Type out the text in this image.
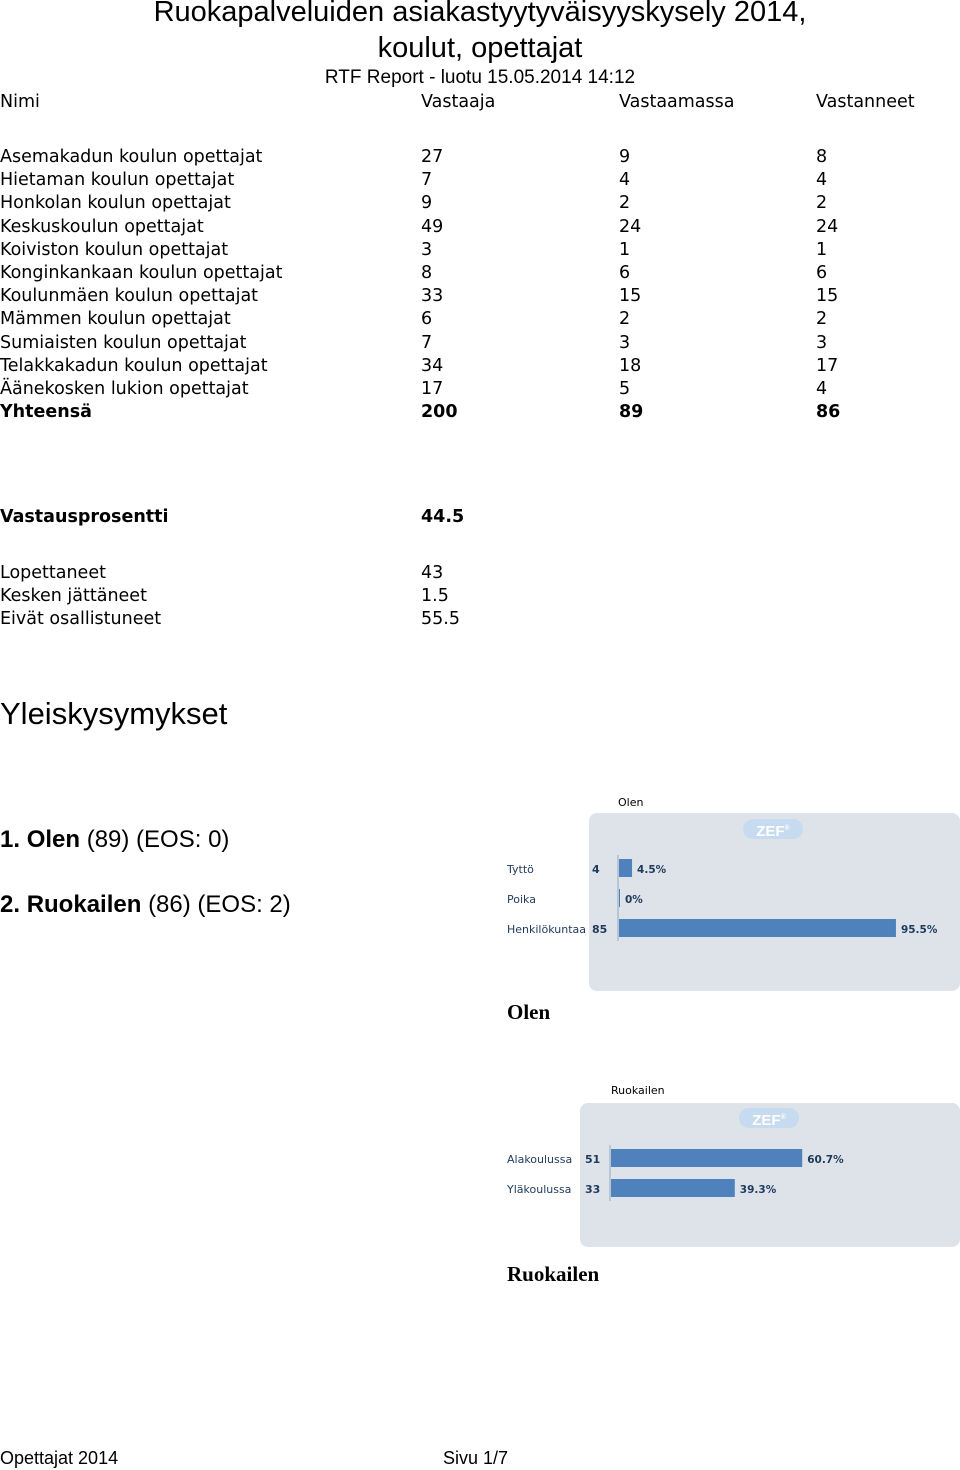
Ruokapalveluiden asiakastyytyväisyyskysely 2014,
koulut, opettajat
RTF Report - luotu 15.05.2014 14:12
Nimi	Vastaaja	Vastaamassa	Vastanneet
Asemakadun koulun opettajat	27	9	8
Hietaman koulun opettajat	7	4	4
Honkolan koulun opettajat	9	2	2
Keskuskoulun opettajat	49	24	24
Koiviston koulun opettajat	3	1	1
Konginkankaan koulun opettajat	8	6	6
Koulunmäen koulun opettajat	33	15	15
Mämmen koulun opettajat	6	2	2
Sumiaisten koulun opettajat	7	3	3
Telakkakadun koulun opettajat	34	18	17
Äänekosken lukion opettajat	17	5	4
Yhteensä	200	89	86
Vastausprosentti	44.5
Lopettaneet	43
Kesken jättäneet	1.5
Eivät osallistuneet	55.5
Yleiskysymykset
1. Olen (89) (EOS: 0)
2. Ruokailen (86) (EOS: 2)
Olen
ZEF®
Tyttö	4	4.5%
Poika	0%
Henkilökuntaa 85	95.5%
Olen
Ruokailen
ZEF®
Alakoulussa 51	60.7%
Yläkoulussa 33	39.3%
Ruokailen
Opettajat 2014	Sivu 1/7
